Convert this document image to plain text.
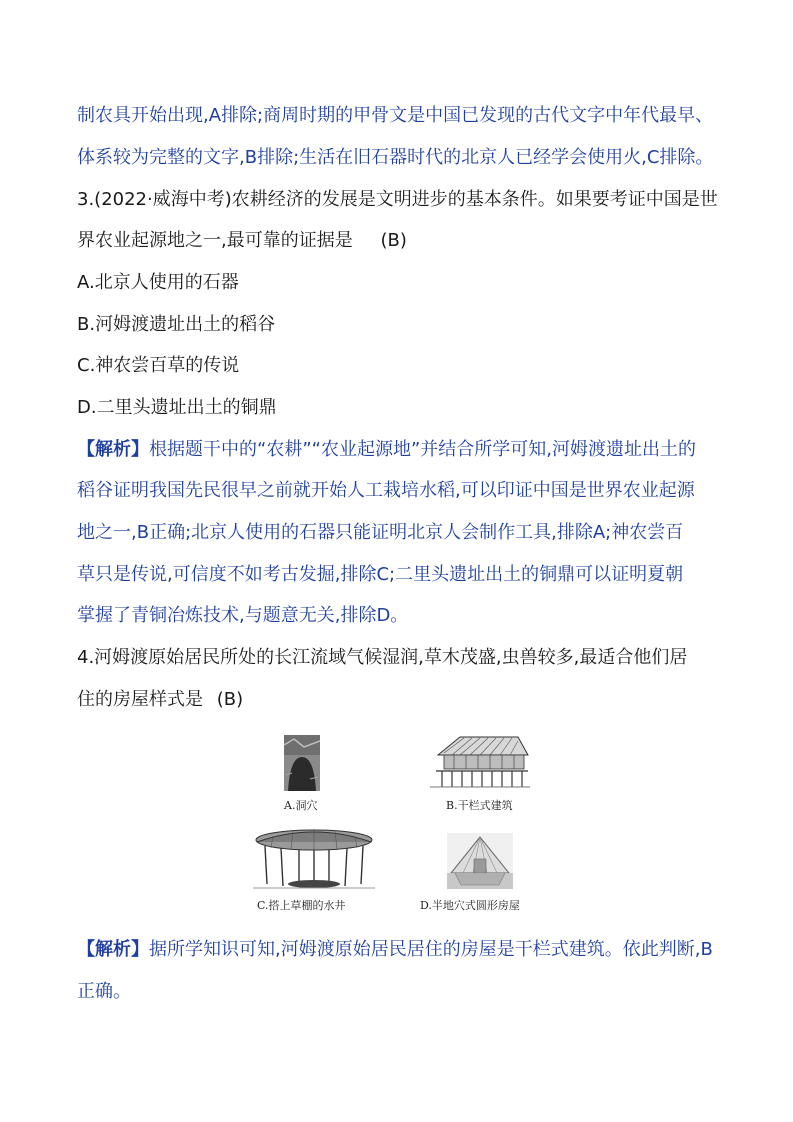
制农具开始出现,A排除;商周时期的甲骨文是中国已发现的古代文字中年代最早、
体系较为完整的文字,B排除;生活在旧石器时代的北京人已经学会使用火,C排除。
3.(2022·威海中考)农耕经济的发展是文明进步的基本条件。如果要考证中国是世
界农业起源地之一,最可靠的证据是 (B)
A.北京人使用的石器
B.河姆渡遗址出土的稻谷
C.神农尝百草的传说
D.二里头遗址出土的铜鼎
【解析】根据题干中的“农耕”“农业起源地”并结合所学可知,河姆渡遗址出土的
稻谷证明我国先民很早之前就开始人工栽培水稻,可以印证中国是世界农业起源
地之一,B正确;北京人使用的石器只能证明北京人会制作工具,排除A;神农尝百
草只是传说,可信度不如考古发掘,排除C;二里头遗址出土的铜鼎可以证明夏朝
掌握了青铜冶炼技术,与题意无关,排除D。
4.河姆渡原始居民所处的长江流域气候湿润,草木茂盛,虫兽较多,最适合他们居
住的房屋样式是 (B)
A.洞穴	B.干栏式建筑
C.搭上草棚的水井	D.半地穴式圆形房屋
【解析】据所学知识可知,河姆渡原始居民居住的房屋是干栏式建筑。依此判断,B
正确。
